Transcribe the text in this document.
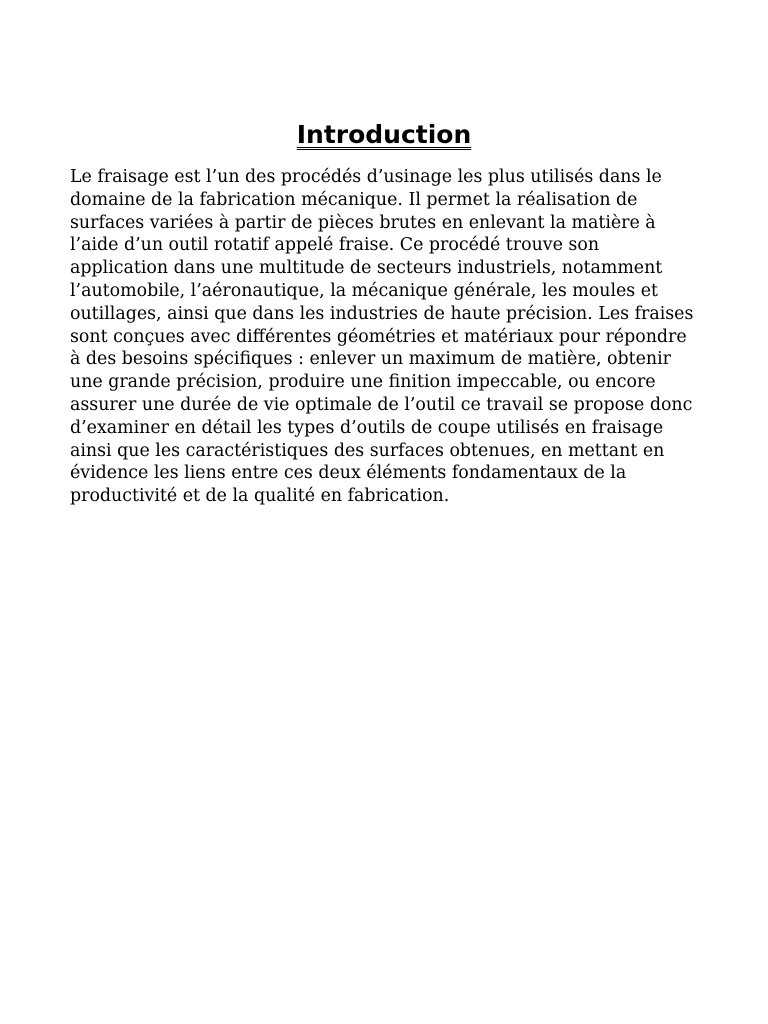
Introduction

Le fraisage est l’un des procédés d’usinage les plus utilisés dans le domaine de la fabrication mécanique. Il permet la réalisation de surfaces variées à partir de pièces brutes en enlevant la matière à l’aide d’un outil rotatif appelé fraise. Ce procédé trouve son application dans une multitude de secteurs industriels, notamment l’automobile, l’aéronautique, la mécanique générale, les moules et outillages, ainsi que dans les industries de haute précision. Les fraises sont conçues avec différentes géométries et matériaux pour répondre à des besoins spécifiques : enlever un maximum de matière, obtenir une grande précision, produire une finition impeccable, ou encore assurer une durée de vie optimale de l’outil ce travail se propose donc d’examiner en détail les types d’outils de coupe utilisés en fraisage ainsi que les caractéristiques des surfaces obtenues, en mettant en évidence les liens entre ces deux éléments fondamentaux de la productivité et de la qualité en fabrication.
